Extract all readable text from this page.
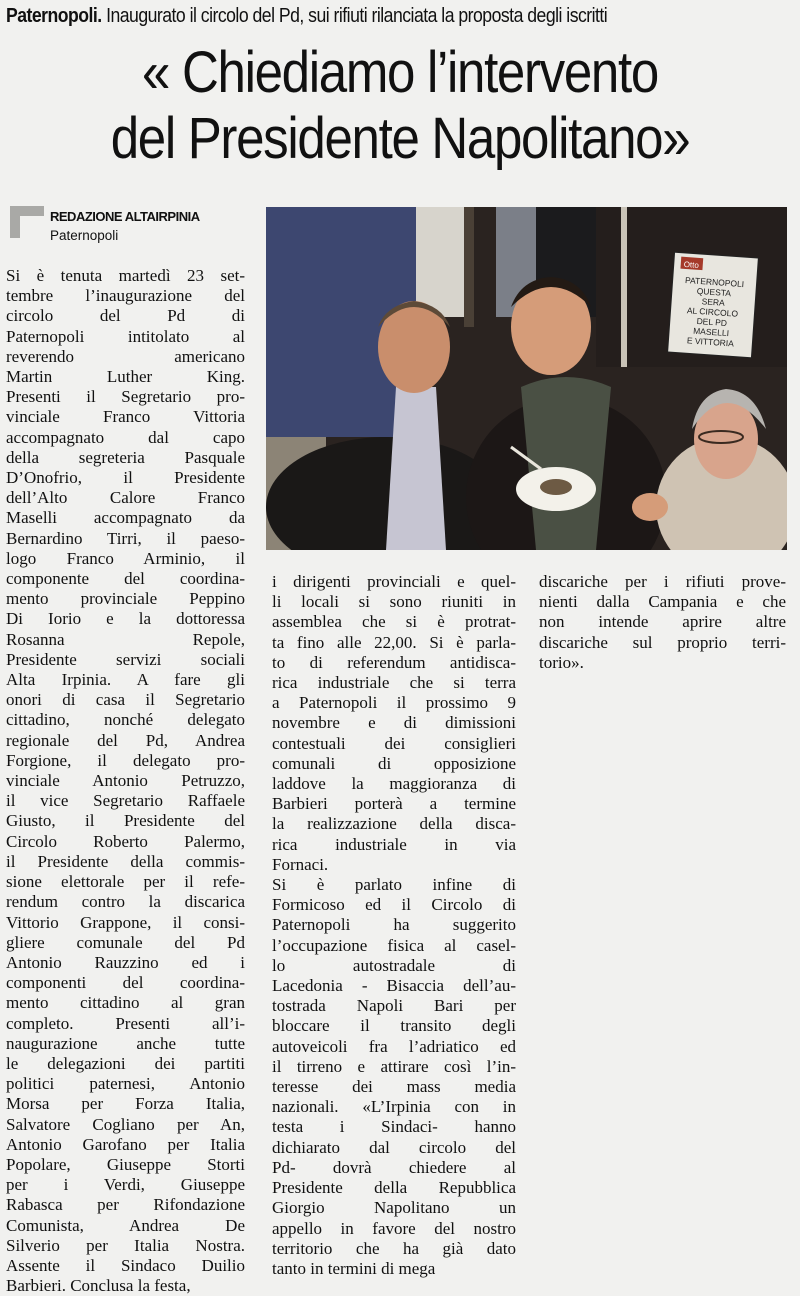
Paternopoli. Inaugurato il circolo del Pd, sui rifiuti rilanciata la proposta degli iscritti
« Chiediamo l’intervento
del Presidente Napolitano»
REDAZIONE ALTAIRPINIA
Paternopoli
Otto
PATERNOPOLI
QUESTA
SERA
AL CIRCOLO
DEL PD
MASELLI
E VITTORIA
Si è tenuta martedì 23 set-
tembre l’inaugurazione del
circolo del Pd di
Paternopoli intitolato al
reverendo americano
Martin Luther King.
Presenti il Segretario pro-
vinciale Franco Vittoria
accompagnato dal capo
della segreteria Pasquale
D’Onofrio, il Presidente
dell’Alto Calore Franco
Maselli accompagnato da
Bernardino Tirri, il paeso-
logo Franco Arminio, il
componente del coordina-
mento provinciale Peppino
Di Iorio e la dottoressa
Rosanna Repole,
Presidente servizi sociali
Alta Irpinia. A fare gli
onori di casa il Segretario
cittadino, nonché delegato
regionale del Pd, Andrea
Forgione, il delegato pro-
vinciale Antonio Petruzzo,
il vice Segretario Raffaele
Giusto, il Presidente del
Circolo Roberto Palermo,
il Presidente della commis-
sione elettorale per il refe-
rendum contro la discarica
Vittorio Grappone, il consi-
gliere comunale del Pd
Antonio Rauzzino ed i
componenti del coordina-
mento cittadino al gran
completo. Presenti all’i-
naugurazione anche tutte
le delegazioni dei partiti
politici paternesi, Antonio
Morsa per Forza Italia,
Salvatore Cogliano per An,
Antonio Garofano per Italia
Popolare, Giuseppe Storti
per i Verdi, Giuseppe
Rabasca per Rifondazione
Comunista, Andrea De
Silverio per Italia Nostra.
Assente il Sindaco Duilio
Barbieri. Conclusa la festa,
i dirigenti provinciali e quel-
li locali si sono riuniti in
assemblea che si è protrat-
ta fino alle 22,00. Si è parla-
to di referendum antidisca-
rica industriale che si terra
a Paternopoli il prossimo 9
novembre e di dimissioni
contestuali dei consiglieri
comunali di opposizione
laddove la maggioranza di
Barbieri porterà a termine
la realizzazione della disca-
rica industriale in via
Fornaci.
Si è parlato infine di
Formicoso ed il Circolo di
Paternopoli ha suggerito
l’occupazione fisica al casel-
lo autostradale di
Lacedonia - Bisaccia dell’au-
tostrada Napoli Bari per
bloccare il transito degli
autoveicoli fra l’adriatico ed
il tirreno e attirare così l’in-
teresse dei mass media
nazionali. «L’Irpinia con in
testa i Sindaci- hanno
dichiarato dal circolo del
Pd- dovrà chiedere al
Presidente della Repubblica
Giorgio Napolitano un
appello in favore del nostro
territorio che ha già dato
tanto in termini di mega
discariche per i rifiuti prove-
nienti dalla Campania e che
non intende aprire altre
discariche sul proprio terri-
torio».
